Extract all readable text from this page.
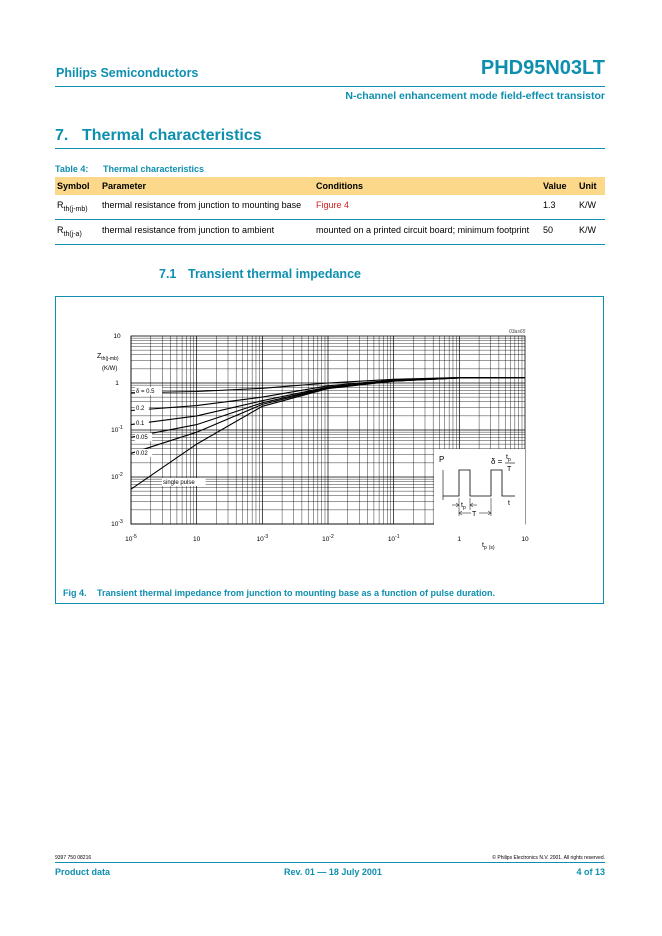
Philips Semiconductors	PHD95N03LT
N-channel enhancement mode field-effect transistor
7. Thermal characteristics
Table 4: Thermal characteristics
Symbol	Parameter	Conditions	Value	Unit
$R_{th(j-mb)}$	thermal resistance from junction to mounting base	Figure 4	1.3	K/W
$R_{th(j-a)}$	thermal resistance from junction to ambient	mounted on a printed circuit board; minimum footprint	50	K/W
7.1 Transient thermal impedance
δ = 0.5
0.2
0.1
0.05
0.02
single pulse
$10^{-5}$	10	$10^{-3}$	$10^{-2}$	$10^{-1}$	1	10
10
1
$10^{-1}$
$10^{-2}$
$10^{-3}$
P	$\delta = t_p$
T
$t_p$
T
t
03as65
$Z_{th(j-mb)}$
(K/W)
$t_p$ (s)
Fig 4. Transient thermal impedance from junction to mounting base as a function of pulse duration.
9397 750 08216	© Philips Electronics N.V. 2001. All rights reserved.
Product data	Rev. 01 — 18 July 2001	4 of 13
